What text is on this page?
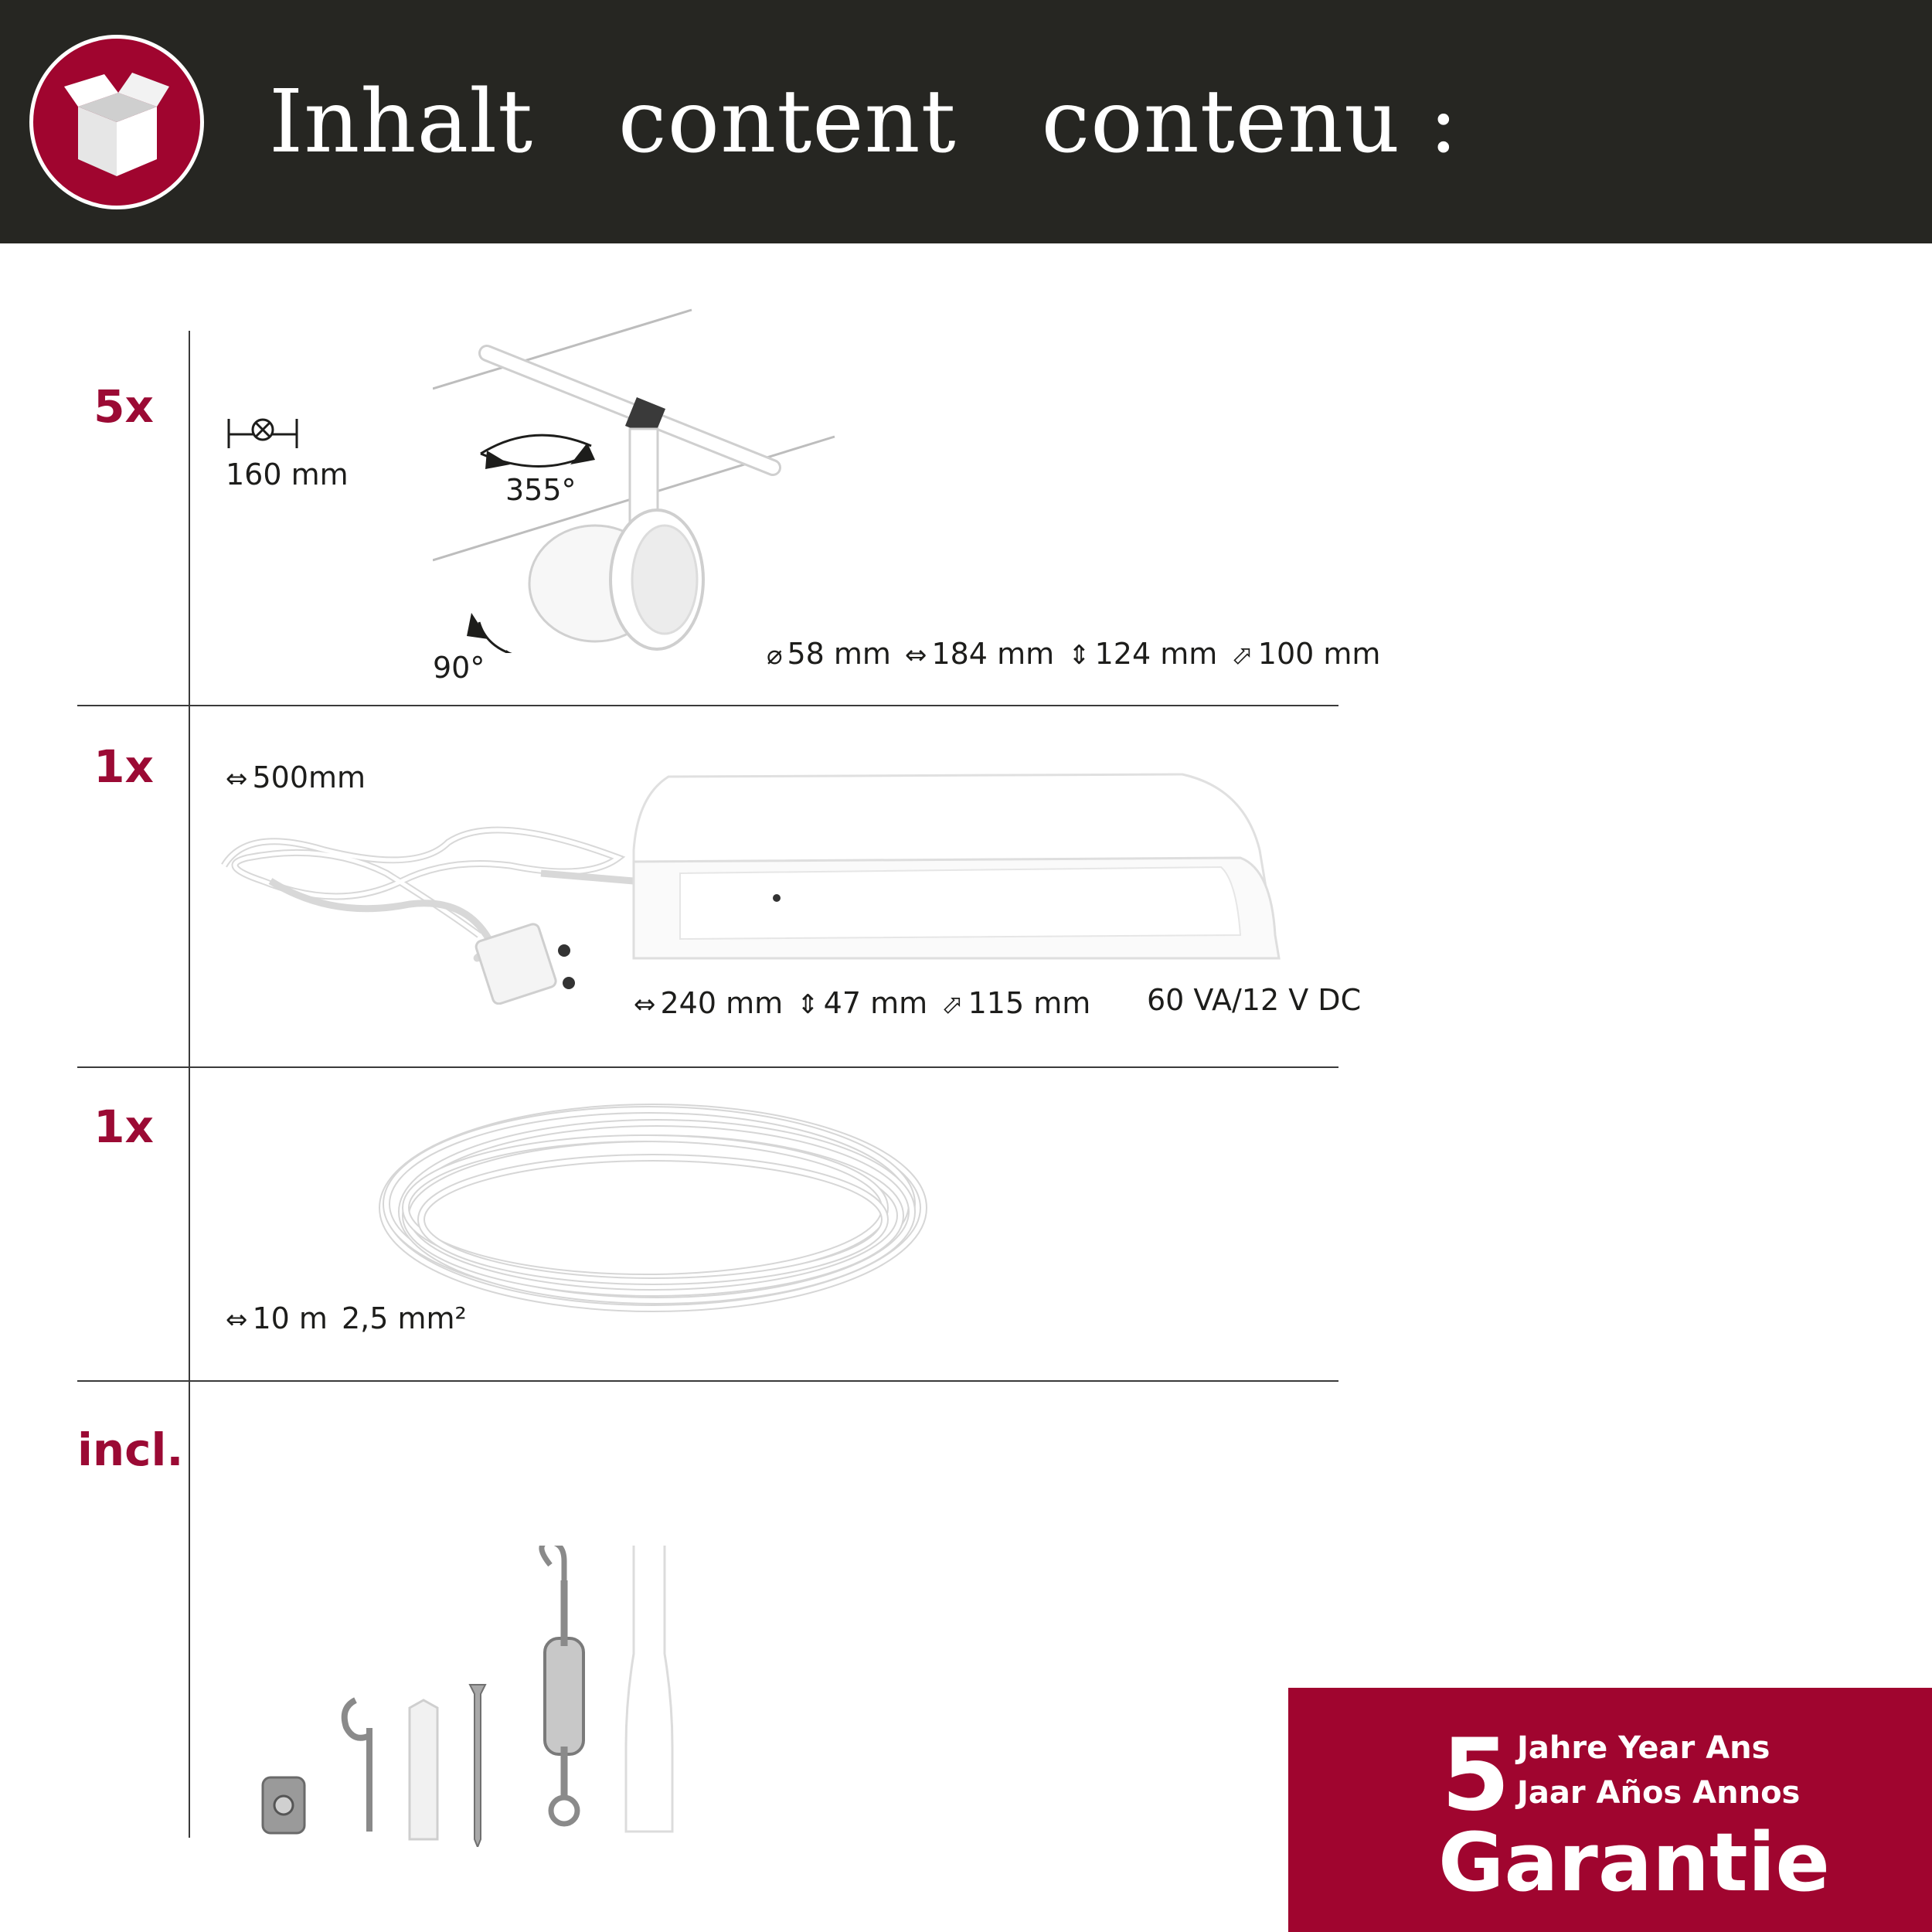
Inhalt   content   contenu :
5x
160 mm	355°
90°	⌀ 58 mm ⇔ 184 mm ⇕ 124 mm ⬀ 100 mm
1x	⇔ 500mm
⇔ 240 mm ⇕ 47 mm ⬀ 115 mm 60 VA/12 V DC
1x
⇔ 10 m 2,5 mm²
incl.
5 Jahre Year Ans
Jaar Años Annos
Garantie
